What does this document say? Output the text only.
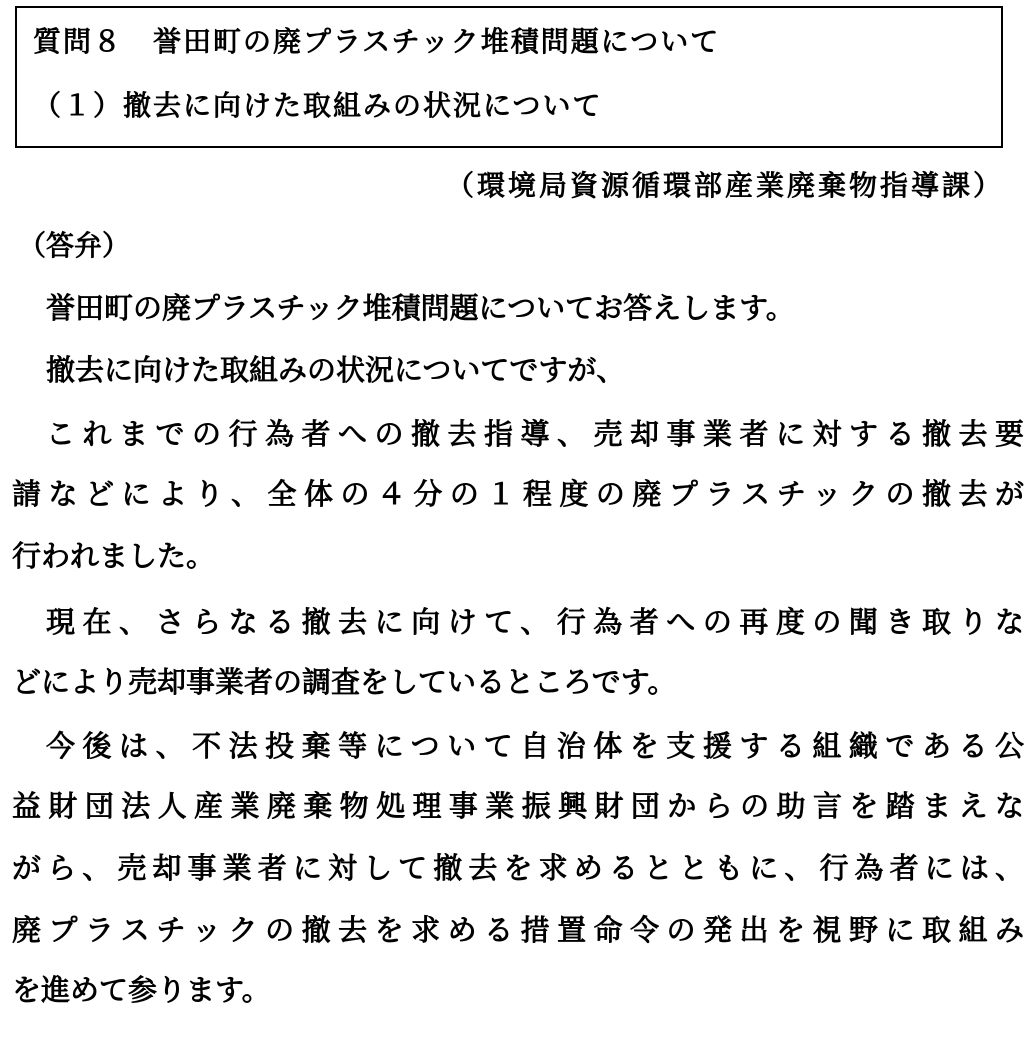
質問８ 誉田町の廃プラスチック堆積問題について
（１）撤去に向けた取組みの状況について
（環境局資源循環部産業廃棄物指導課）
（答弁）
誉田町の廃プラスチック堆積問題についてお答えします。
撤去に向けた取組みの状況についてですが、
これまでの行為者への撤去指導、売却事業者に対する撤去要
請などにより、全体の４分の１程度の廃プラスチックの撤去が
行われました。
現在、さらなる撤去に向けて、行為者への再度の聞き取りな
どにより売却事業者の調査をしているところです。
今後は、不法投棄等について自治体を支援する組織である公
益財団法人産業廃棄物処理事業振興財団からの助言を踏まえな
がら、売却事業者に対して撤去を求めるとともに、行為者には、
廃プラスチックの撤去を求める措置命令の発出を視野に取組み
を進めて参ります。
